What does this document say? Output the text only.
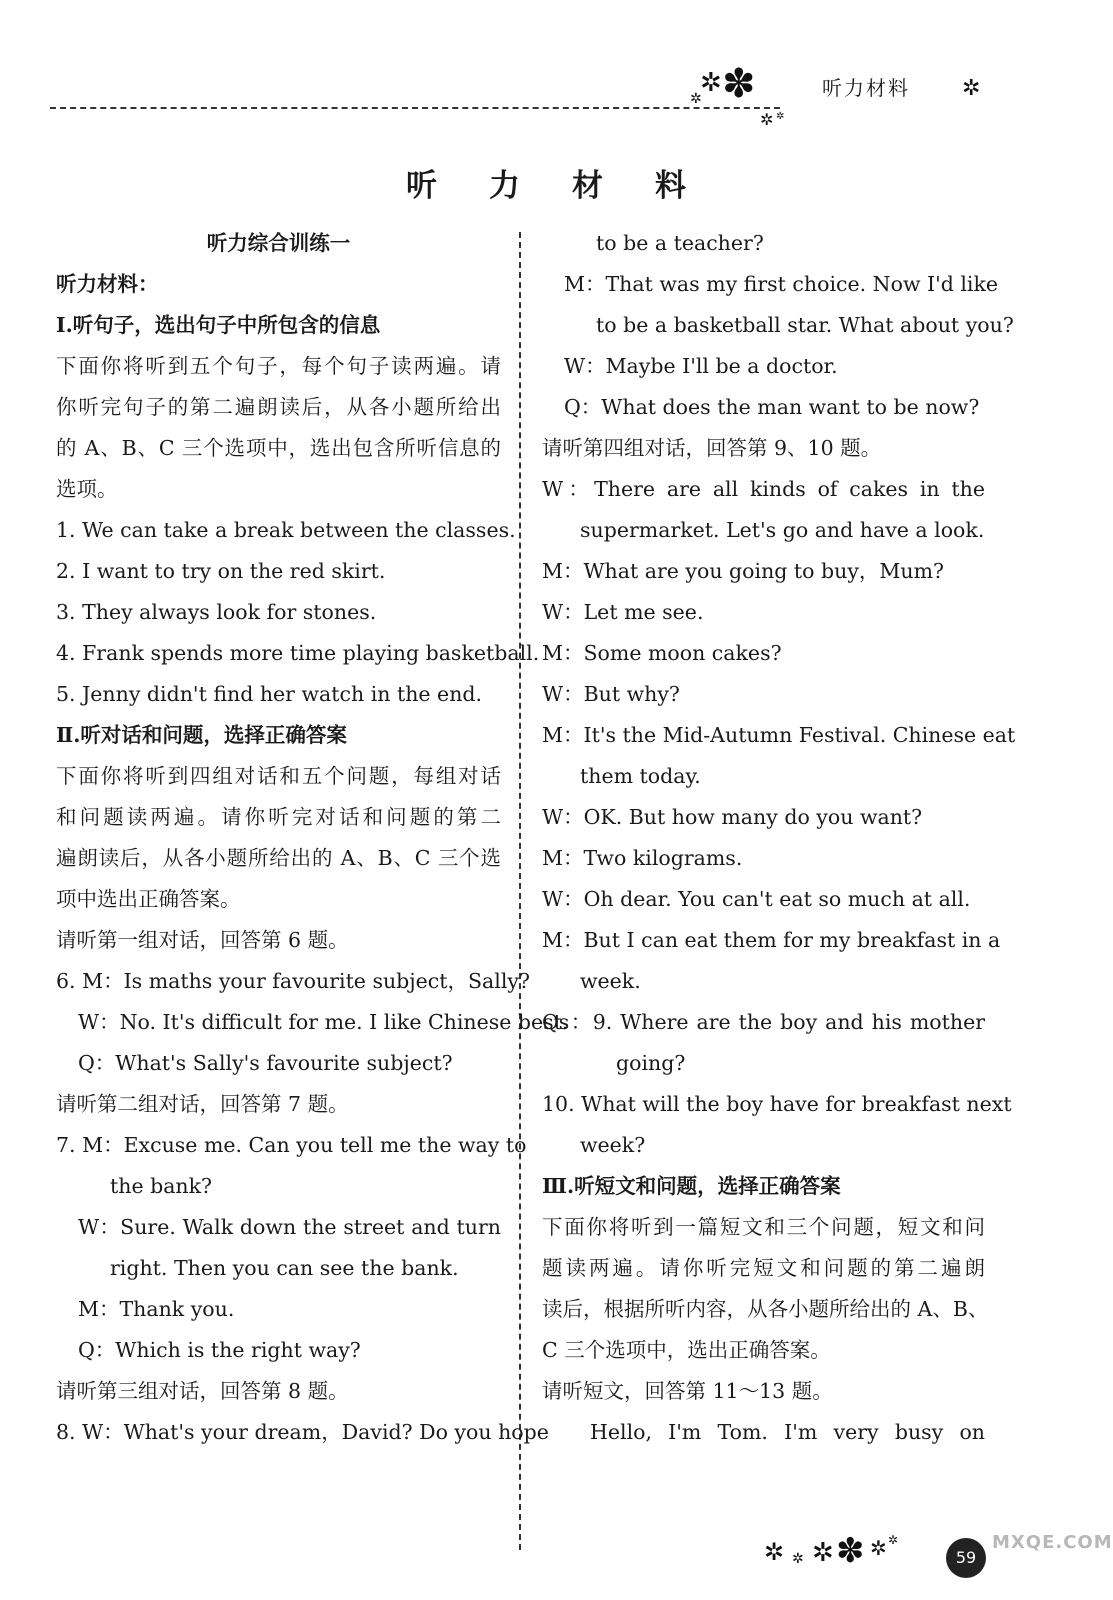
✲ ✽
✲
✲ ✲
听力材料 ✲
听力材料
听力综合训练一
听力材料：
Ⅰ.听句子，选出句子中所包含的信息
下面你将听到五个句子，每个句子读两遍。请
你听完句子的第二遍朗读后，从各小题所给出
的 A、B、C 三个选项中，选出包含所听信息的
选项。
1. We can take a break between the classes.
2. I want to try on the red skirt.
3. They always look for stones.
4. Frank spends more time playing basketball.
5. Jenny didn't find her watch in the end.
Ⅱ.听对话和问题，选择正确答案
下面你将听到四组对话和五个问题，每组对话
和问题读两遍。请你听完对话和问题的第二
遍朗读后，从各小题所给出的 A、B、C 三个选
项中选出正确答案。
请听第一组对话，回答第 6 题。
6. M：Is maths your favourite subject，Sally?
W：No. It's difficult for me. I like Chinese best.
Q：What's Sally's favourite subject?
请听第二组对话，回答第 7 题。
7. M：Excuse me. Can you tell me the way to
the bank?
W：Sure. Walk down the street and turn
right. Then you can see the bank.
M：Thank you.
Q：Which is the right way?
请听第三组对话，回答第 8 题。
8. W：What's your dream，David? Do you hope
to be a teacher?
M：That was my first choice. Now I'd like
to be a basketball star. What about you?
W：Maybe I'll be a doctor.
Q：What does the man want to be now?
请听第四组对话，回答第 9、10 题。
W：There are all kinds of cakes in the
supermarket. Let's go and have a look.
M：What are you going to buy，Mum?
W：Let me see.
M：Some moon cakes?
W：But why?
M：It's the Mid-Autumn Festival. Chinese eat
them today.
W：OK. But how many do you want?
M：Two kilograms.
W：Oh dear. You can't eat so much at all.
M：But I can eat them for my breakfast in a
week.
Qs：9. Where are the boy and his mother
going?
10. What will the boy have for breakfast next
week?
Ⅲ.听短文和问题，选择正确答案
下面你将听到一篇短文和三个问题，短文和问
题读两遍。请你听完短文和问题的第二遍朗
读后，根据所听内容，从各小题所给出的 A、B、
C 三个选项中，选出正确答案。
请听短文，回答第 11～13 题。
Hello, I'm Tom. I'm very busy on
✲ ✲ ✲ ✽ ✲ ✲
59
MXQE.COM
